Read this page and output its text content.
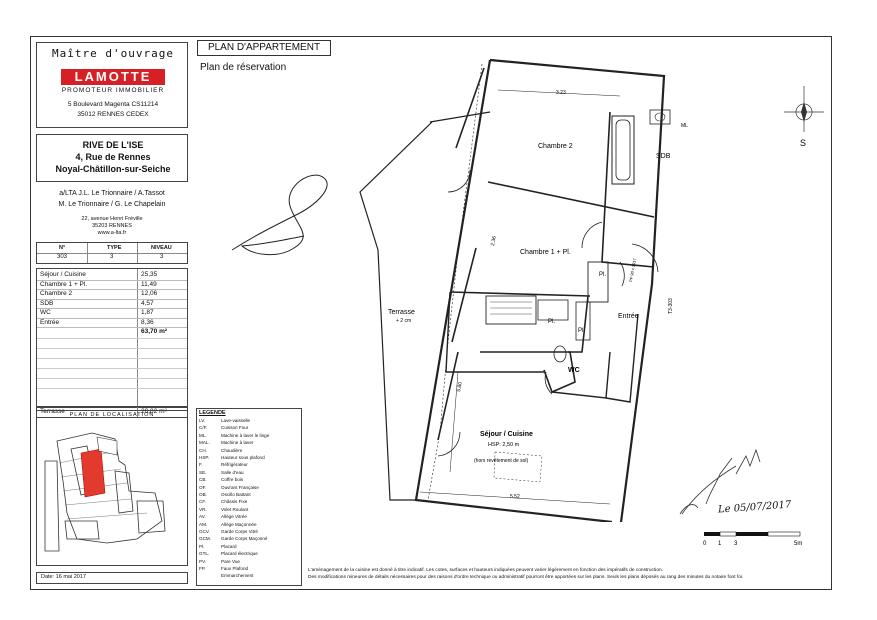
Maître d'ouvrage
LAMOTTE
PROMOTEUR IMMOBILIER
5 Boulevard Magenta CS11214
35012 RENNES CEDEX
RIVE DE L'ISE
4, Rue de Rennes
Noyal-Châtillon-sur-Seiche
a/LTA J.L. Le Trionnaire / A.Tassot
M. Le Trionnaire / G. Le Chapelain
22, avenue Henri Fréville
35203 RENNES
www.a-lta.fr
N°	TYPE	NIVEAU
303	3	3
Séjour / Cuisine	25,35
Chambre 1 + Pl.	11,49
Chambre 2	12,06
SDB	4,57
WC	1,87
Entrée	8,36
63,70 m²
Terrasse	20,02 m²
PLAN DE LOCALISATION
Date: 16 mai 2017
PLAN D'APPARTEMENT
Plan de réservation
3.23
5.52
5.80
2.36
Chambre 2
SDB
ML
Chambre 1 + Pl.
Pl.
Pl.
Pl.
Entrée
WC
Terrasse
+ 2 cm
Séjour / Cuisine
HSP: 2,50 m
(hors revêtement de sol)
T3-303
PF 90 x 2017
S
LEGENDE
LV.	Lave-vaisselle
C/F.	Cuisson Four
ML.	Machine à laver le linge
MAL. Machine à laver
CH.	Chaudière
HSP.	Hauteur sous plafond
F.	Réfrigérateur
SE.	Salle d'eau
CB.	Coffre bois
OF.	Ouvrant Française
OB.	Oscillo Battant
CF.	Châssis Fixe
VR.	Volet Roulant
AV.	Allège Vitrée
AM.	Allège Maçonnée
GCV. Garde Corps Vitré
GCM. Garde Corps Maçonné
Pl.	Placard
GTL.	Placard électrique
PV.	Pare Vue
FP.	Faux Plafond
Emmarchement
Le 05/07/2017
0 1 3	5m
L'aménagement de la cuisine est donné à titre indicatif. Les cotes, surfaces et hauteurs indiquées peuvent varier légèrement en fonction des impératifs de construction.
Des modifications mineures de détails nécessaires pour des raisons d'ordre technique ou administratif pourront être apportées sur les plans. Seuls les plans déposés au rang des minutes du notaire font foi.
